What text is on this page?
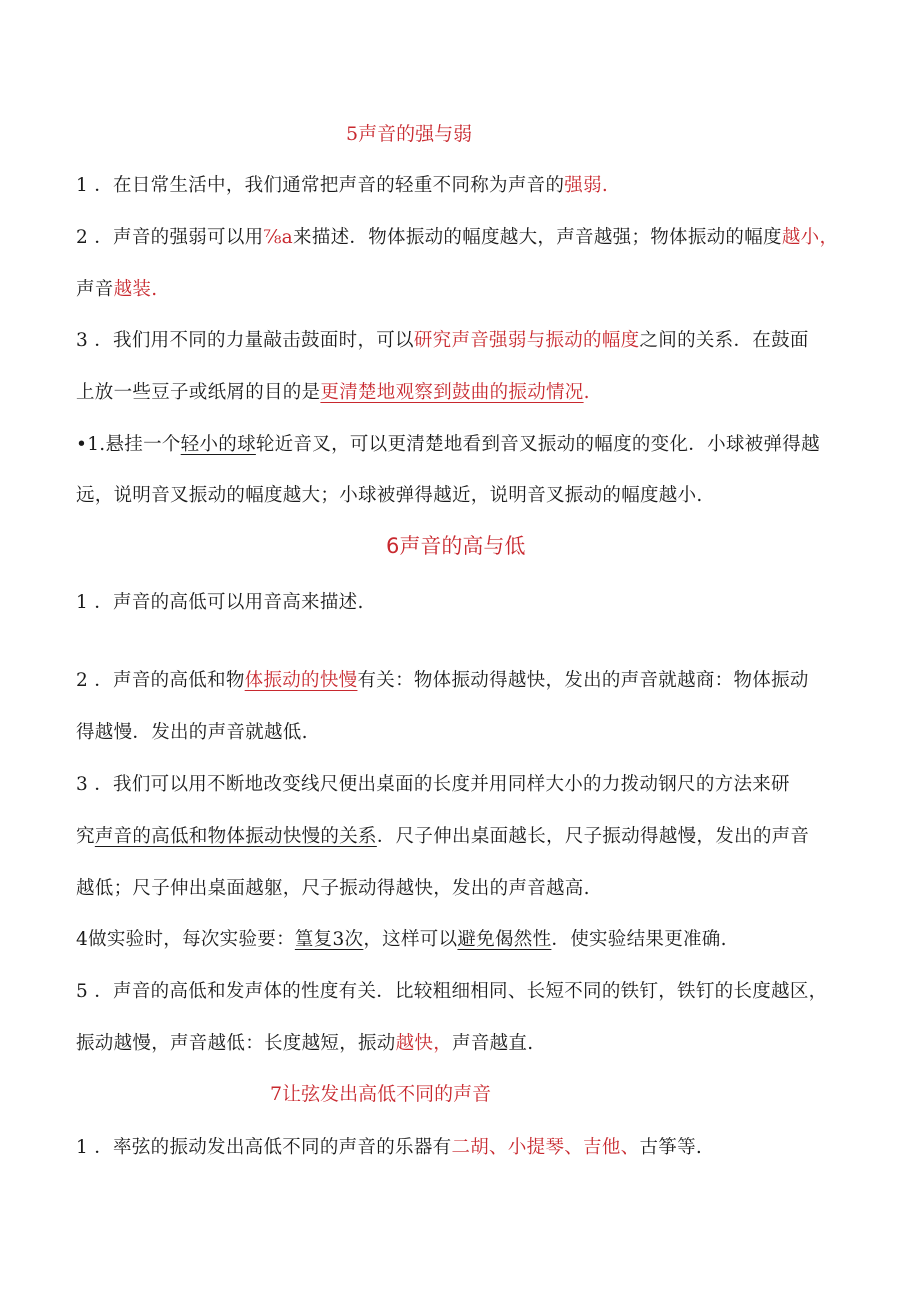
5声音的强与弱
1 ．在日常生活中，我们通常把声音的轻重不同称为声音的强弱.
2 ．声音的强弱可以用⅞a来描述．物体振动的幅度越大，声音越强；物体振动的幅度越小，
声音越装.
3 ．我们用不同的力量敲击鼓面时，可以研究声音强弱与振动的幅度之间的关系．在鼓面
上放一些豆子或纸屑的目的是更清楚地观察到鼓曲的振动情况.
•1.悬挂一个轻小的球轮近音叉，可以更清楚地看到音叉振动的幅度的变化．小球被弹得越
远，说明音叉振动的幅度越大；小球被弹得越近，说明音叉振动的幅度越小.
6声音的高与低
1 ．声音的高低可以用音高来描述.
2 ．声音的高低和物体振动的快慢有关：物体振动得越快，发出的声音就越商：物体振动
得越慢．发出的声音就越低.
3 ．我们可以用不断地改变线尺便出桌面的长度并用同样大小的力拨动钢尺的方法来研
究声音的高低和物体振动快慢的关系．尺子伸出桌面越长，尺子振动得越慢，发出的声音
越低；尺子伸出桌面越躯，尺子振动得越快，发出的声音越高.
4做实验时，每次实验要：篁复3次，这样可以避免偈然性．使实验结果更准确.
5 ．声音的高低和发声体的性度有关．比较粗细相同、长短不同的铁钉，铁钉的长度越区，
振动越慢，声音越低：长度越短，振动越快，声音越直.
7让弦发出高低不同的声音
1 ．率弦的振动发出高低不同的声音的乐器有二胡、小提琴、吉他、古筝等.
